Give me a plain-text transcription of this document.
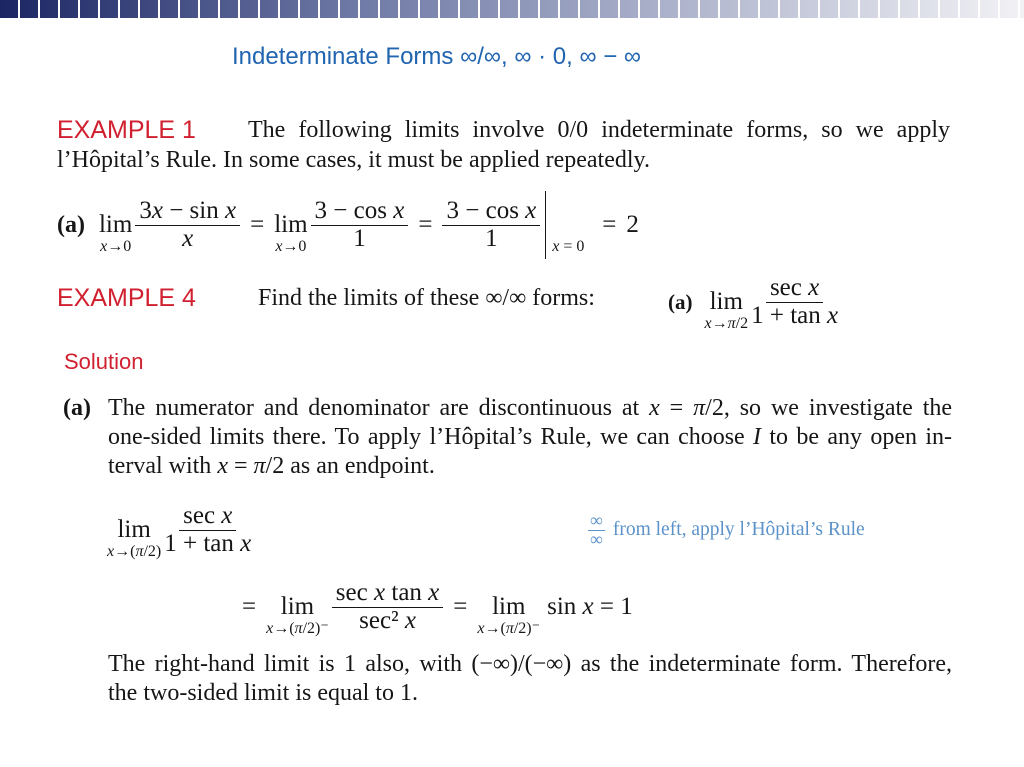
Indeterminate Forms ∞/∞, ∞ · 0, ∞ − ∞
EXAMPLE 1 The following limits involve 0/0 indeterminate forms, so we apply
l’Hôpital’s Rule. In some cases, it must be applied repeatedly.
(a) lim
$x\to 0 \frac{\text{3x − sin x}}{x} = \lim$
$x\to 0 \frac{\text{3 − cos x}}{1} = \frac{\text{3 − cos x}}{1}$ x = 0
= 2
EXAMPLE 4	Find the limits of these ∞/∞ forms:	(a) lim
$x\to\pi/2 \frac{\text{sec x}}{\text{1 + tan x}}$
Solution
(a) The numerator and denominator are discontinuous at x = π/2, so we investigate the
one-sided limits there. To apply l’Hôpital’s Rule, we can choose I to be any open in-
terval with x = π/2 as an endpoint.
lim
$x\to(\pi/2) \frac{\text{sec x}}{\text{1 + tan x}}$	$\frac{\infty}{\infty}$ from left, apply l’Hôpital’s Rule
= lim
$x\to(\pi/2)^- \frac{\text{sec x tan x}}{\text{sec² x}} = \lim$
x→(π/2)⁻
sin x = 1
The right-hand limit is 1 also, with (−∞)/(−∞) as the indeterminate form. Therefore,
the two-sided limit is equal to 1.
